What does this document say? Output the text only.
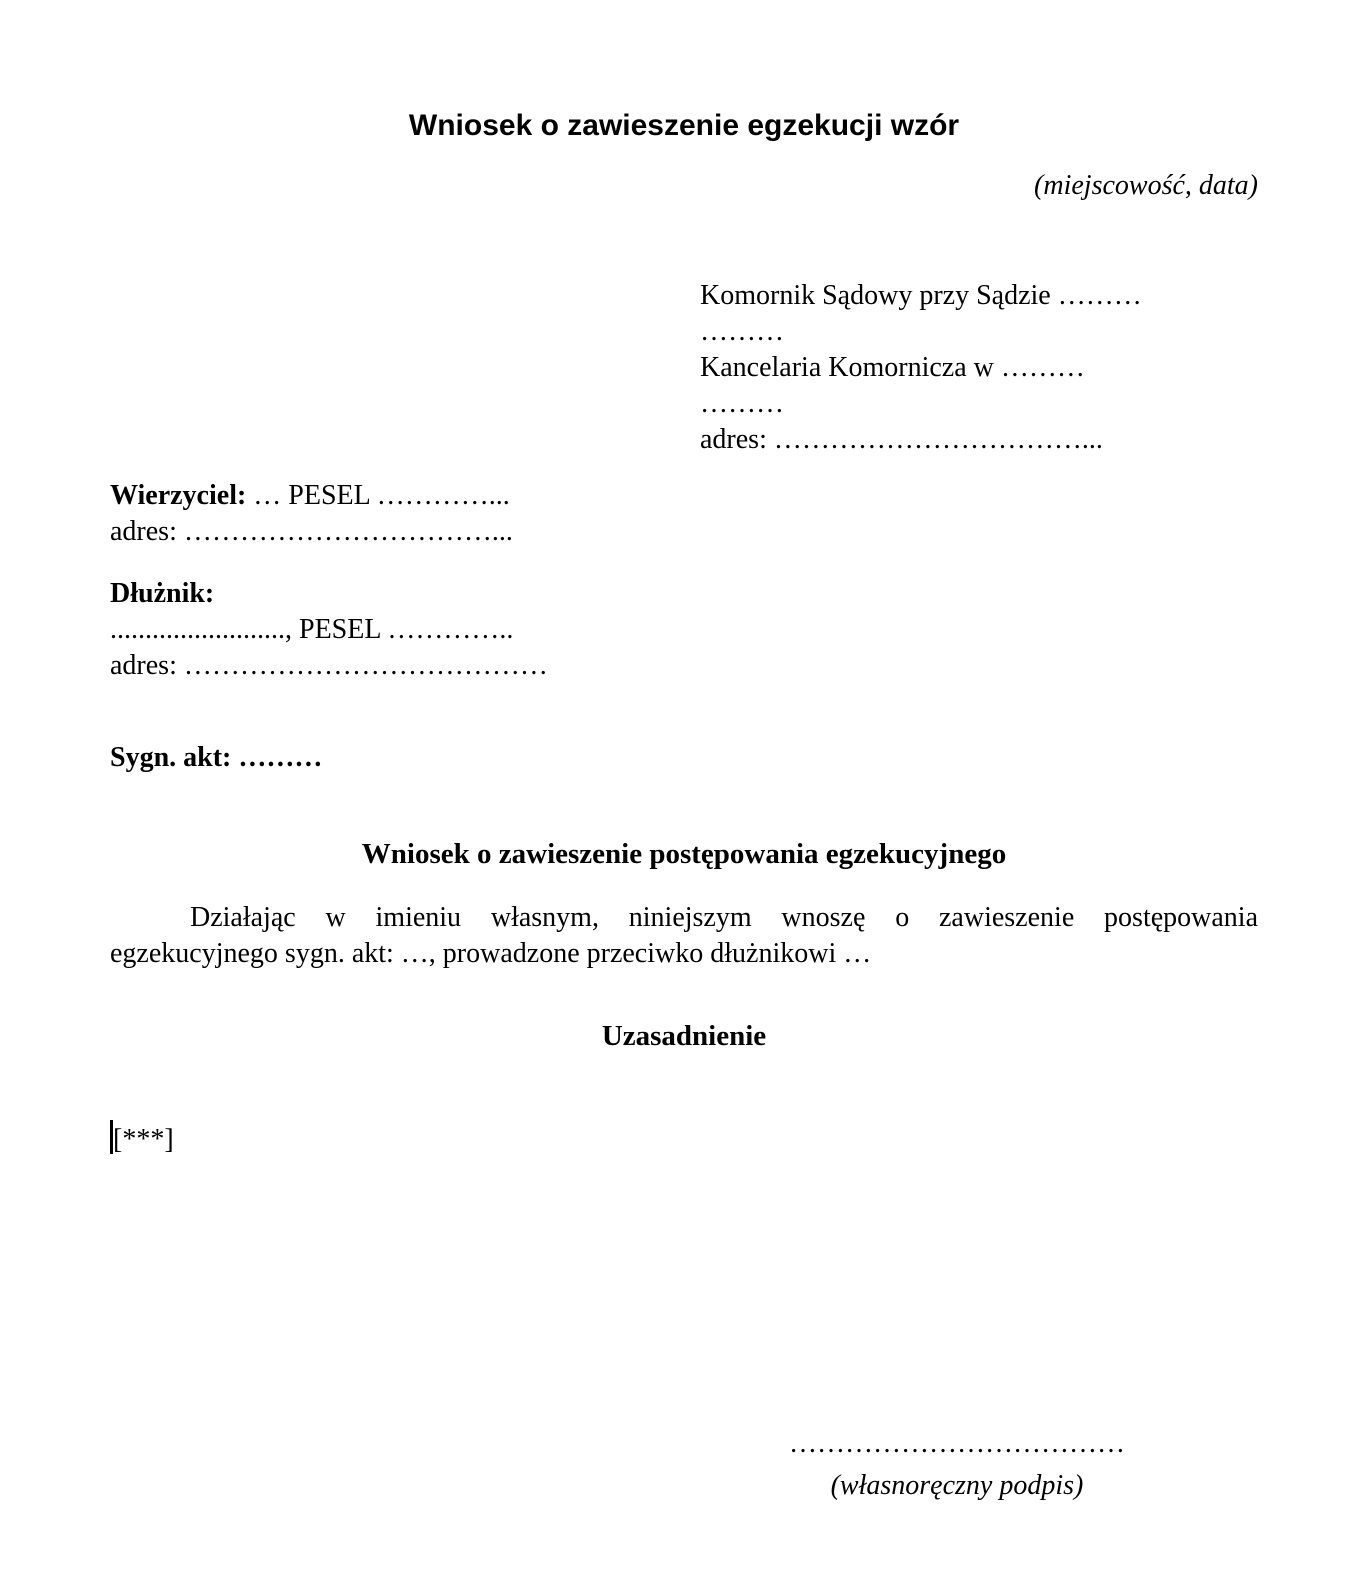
Wniosek o zawieszenie egzekucji wzór
(miejscowość, data)
Komornik Sądowy przy Sądzie ………
………
Kancelaria Komornicza w ………
………
adres: ……………………………...
Wierzyciel: … PESEL …………...
adres: ……………………………...
Dłużnik:
........................., PESEL …………..
adres: …………………………………
Sygn. akt: ………
Wniosek o zawieszenie postępowania egzekucyjnego
Działając w imieniu własnym, niniejszym wnoszę o zawieszenie postępowania
egzekucyjnego sygn. akt: …, prowadzone przeciwko dłużnikowi …
Uzasadnienie
[***]
………………………………
(własnoręczny podpis)
